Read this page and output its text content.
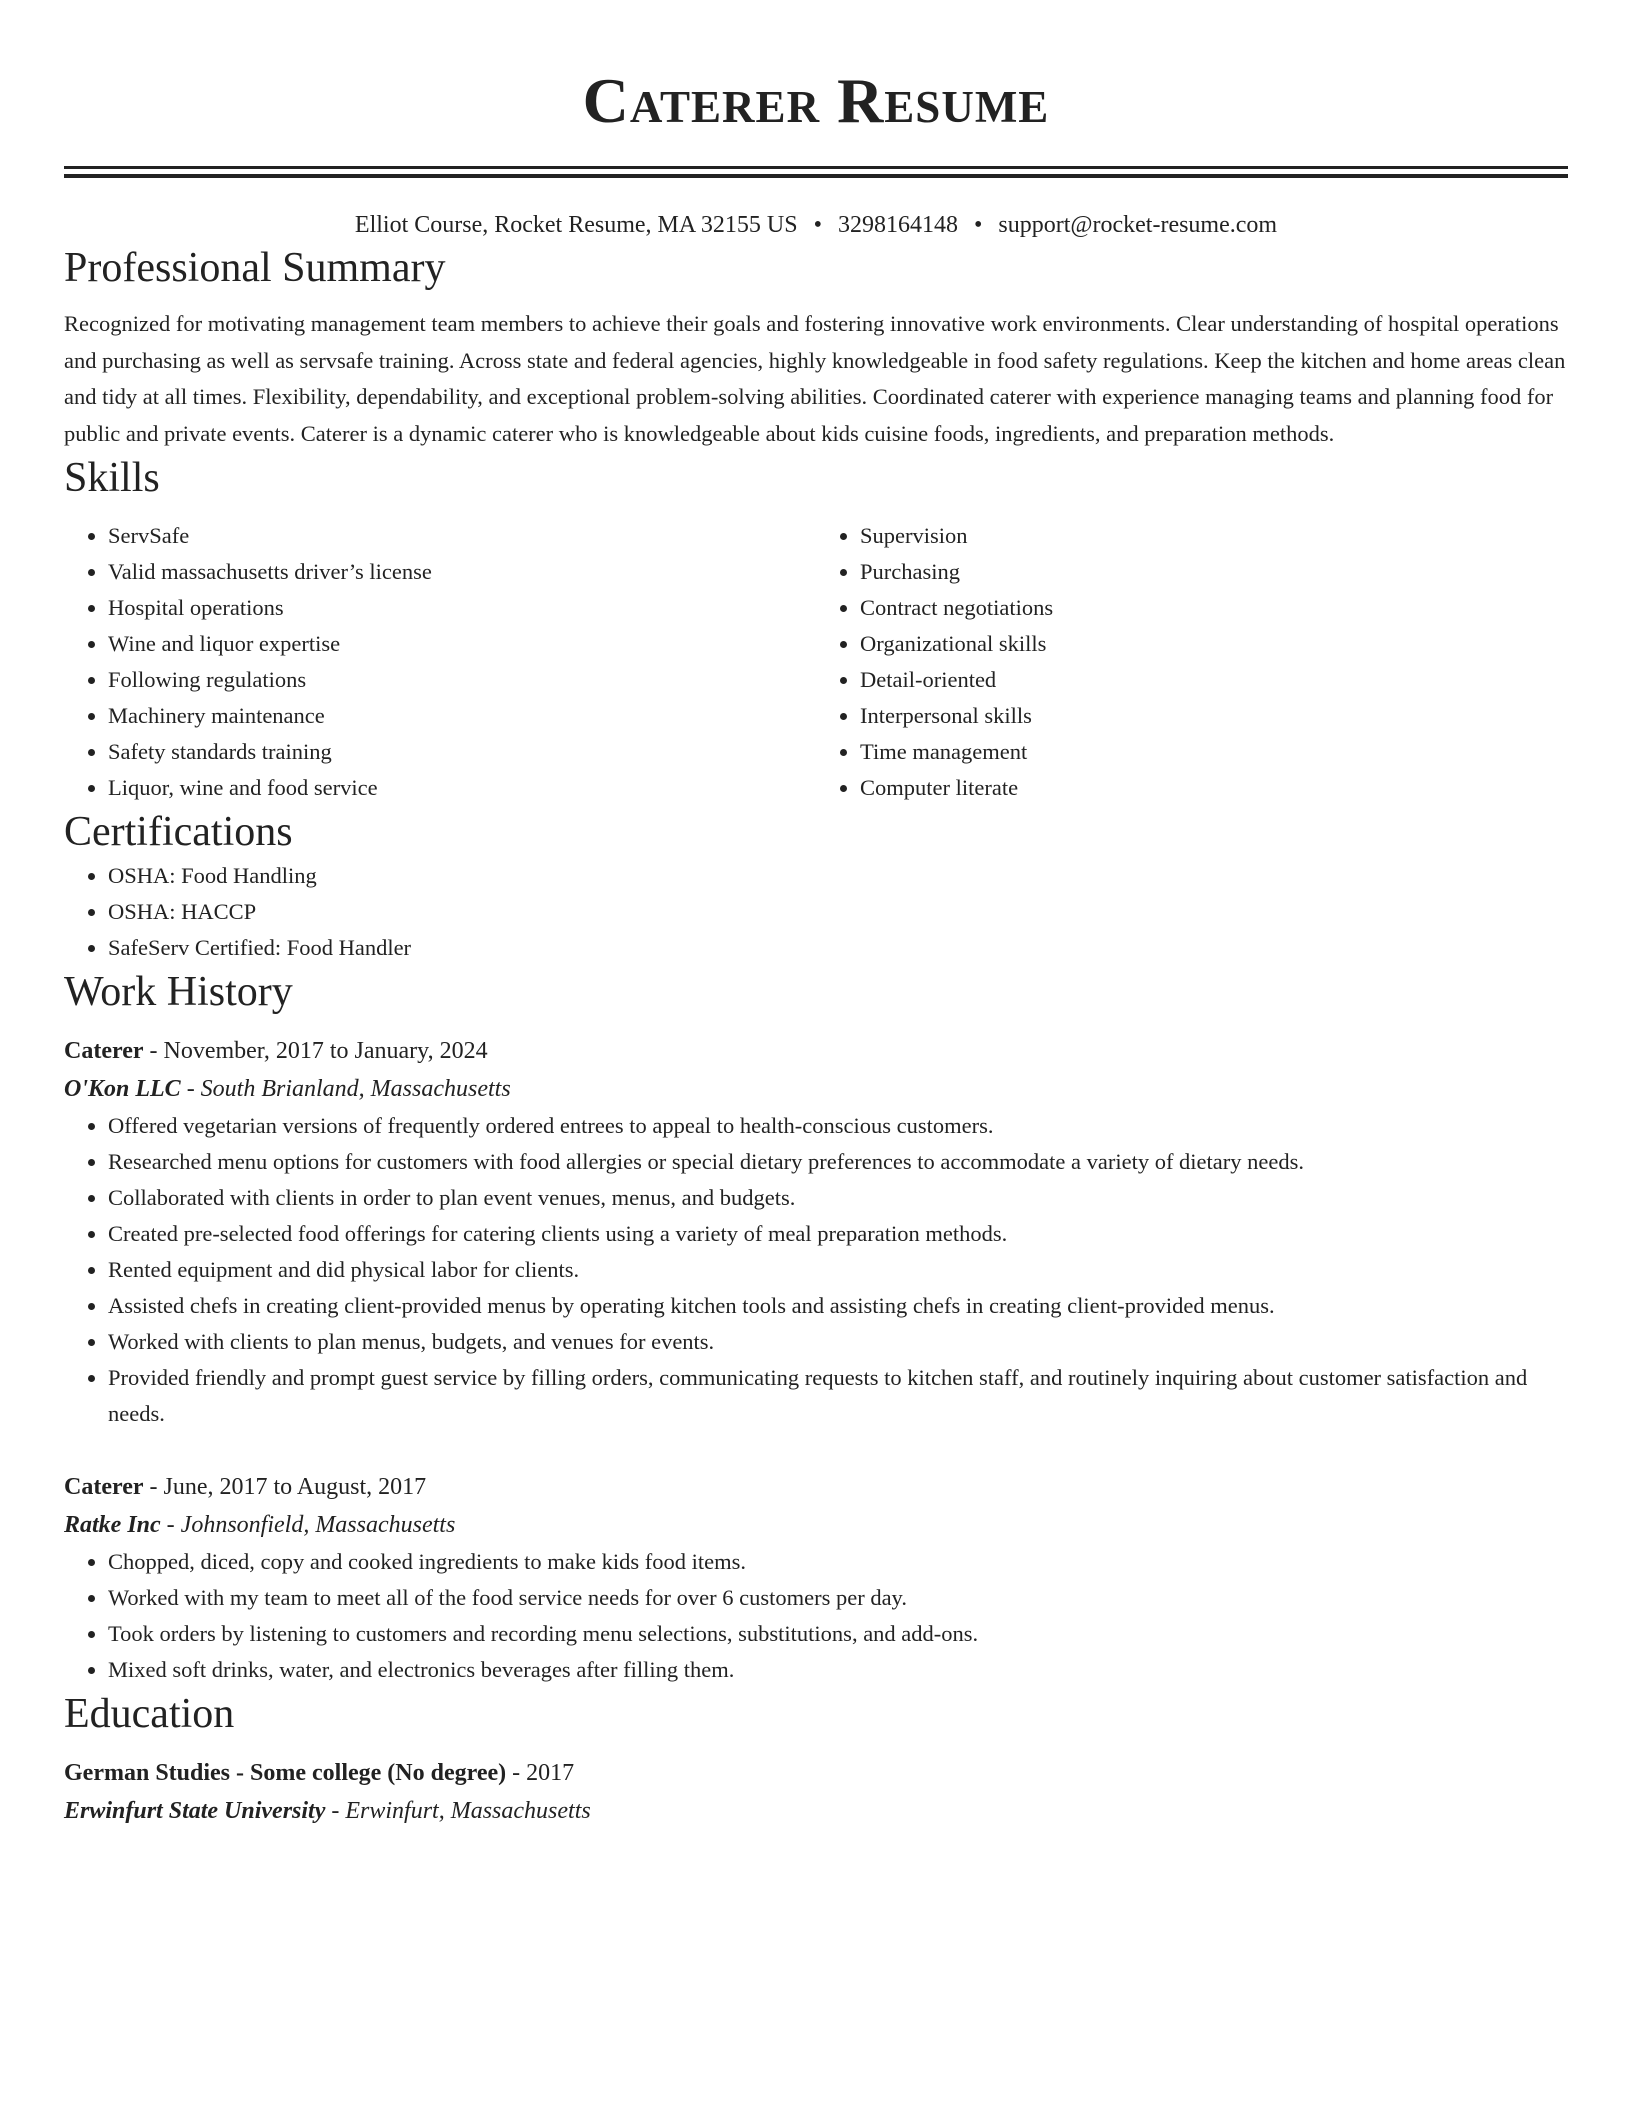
Caterer Resume
Elliot Course, Rocket Resume, MA 32155 US • 3298164148 • support@rocket-resume.com
Professional Summary
Recognized for motivating management team members to achieve their goals and fostering innovative work environments. Clear understanding of hospital operations and purchasing as well as servsafe training. Across state and federal agencies, highly knowledgeable in food safety regulations. Keep the kitchen and home areas clean and tidy at all times. Flexibility, dependability, and exceptional problem-solving abilities. Coordinated caterer with experience managing teams and planning food for public and private events. Caterer is a dynamic caterer who is knowledgeable about kids cuisine foods, ingredients, and preparation methods.
Skills
• ServSafe
• Valid massachusetts driver’s license
• Hospital operations
• Wine and liquor expertise
• Following regulations
• Machinery maintenance
• Safety standards training
• Liquor, wine and food service
• Supervision
• Purchasing
• Contract negotiations
• Organizational skills
• Detail-oriented
• Interpersonal skills
• Time management
• Computer literate
Certifications
• OSHA: Food Handling
• OSHA: HACCP
• SafeServ Certified: Food Handler
Work History
Caterer - November, 2017 to January, 2024
O'Kon LLC - South Brianland, Massachusetts
• Offered vegetarian versions of frequently ordered entrees to appeal to health-conscious customers.
• Researched menu options for customers with food allergies or special dietary preferences to accommodate a variety of dietary needs.
• Collaborated with clients in order to plan event venues, menus, and budgets.
• Created pre-selected food offerings for catering clients using a variety of meal preparation methods.
• Rented equipment and did physical labor for clients.
• Assisted chefs in creating client-provided menus by operating kitchen tools and assisting chefs in creating client-provided menus.
• Worked with clients to plan menus, budgets, and venues for events.
• Provided friendly and prompt guest service by filling orders, communicating requests to kitchen staff, and routinely inquiring about customer satisfaction and needs.
Caterer - June, 2017 to August, 2017
Ratke Inc - Johnsonfield, Massachusetts
• Chopped, diced, copy and cooked ingredients to make kids food items.
• Worked with my team to meet all of the food service needs for over 6 customers per day.
• Took orders by listening to customers and recording menu selections, substitutions, and add-ons.
• Mixed soft drinks, water, and electronics beverages after filling them.
Education
German Studies - Some college (No degree) - 2017
Erwinfurt State University - Erwinfurt, Massachusetts
